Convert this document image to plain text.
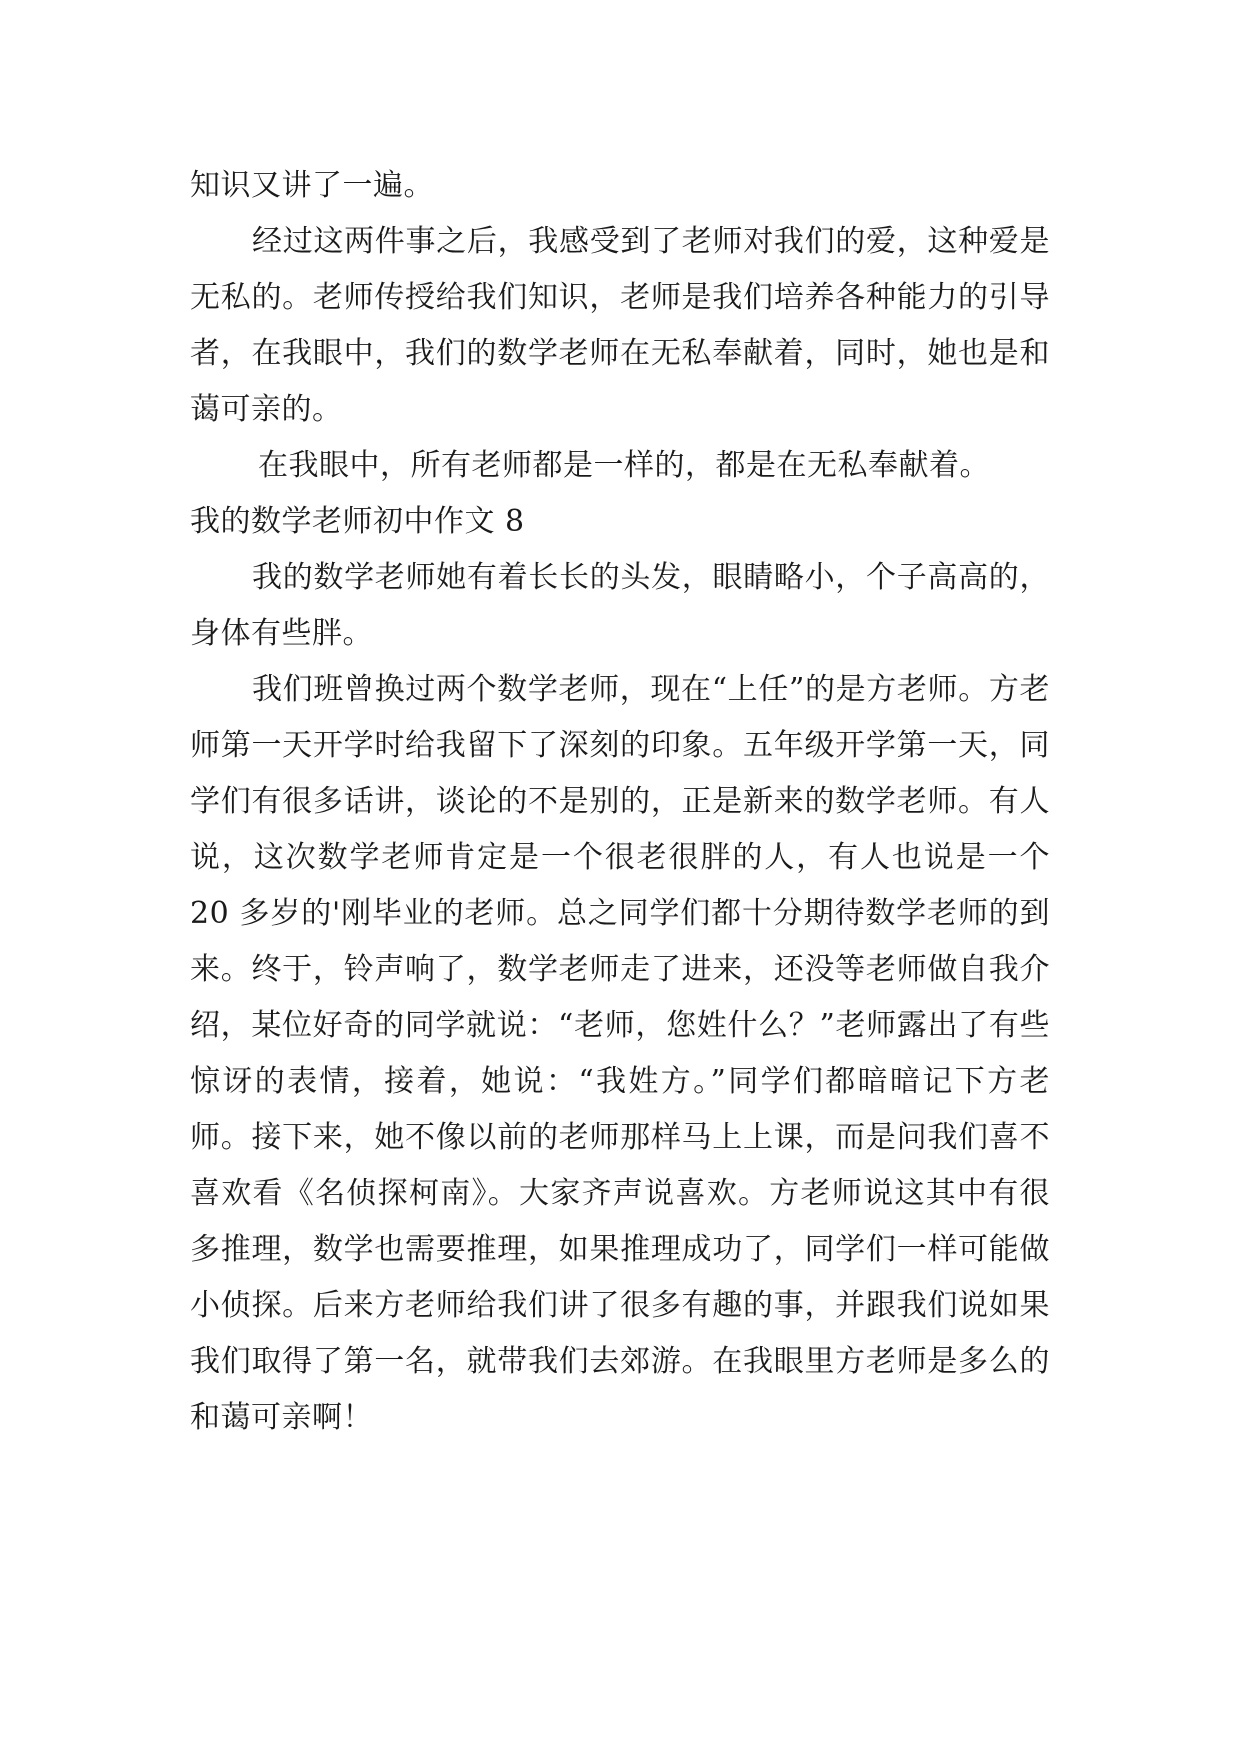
知识又讲了一遍。

经过这两件事之后，我感受到了老师对我们的爱，这种爱是无私的。老师传授给我们知识，老师是我们培养各种能力的引导者，在我眼中，我们的数学老师在无私奉献着，同时，她也是和蔼可亲的。

在我眼中，所有老师都是一样的，都是在无私奉献着。

我的数学老师初中作文 8

我的数学老师她有着长长的头发，眼睛略小，个子高高的，身体有些胖。

我们班曾换过两个数学老师，现在“上任”的是方老师。方老师第一天开学时给我留下了深刻的印象。五年级开学第一天，同学们有很多话讲，谈论的不是别的，正是新来的数学老师。有人说，这次数学老师肯定是一个很老很胖的人，有人也说是一个 20 多岁的'刚毕业的老师。总之同学们都十分期待数学老师的到来。终于，铃声响了，数学老师走了进来，还没等老师做自我介绍，某位好奇的同学就说：“老师，您姓什么？”老师露出了有些惊讶的表情，接着，她说：“我姓方。”同学们都暗暗记下方老师。接下来，她不像以前的老师那样马上上课，而是问我们喜不喜欢看《名侦探柯南》。大家齐声说喜欢。方老师说这其中有很多推理，数学也需要推理，如果推理成功了，同学们一样可能做小侦探。后来方老师给我们讲了很多有趣的事，并跟我们说如果我们取得了第一名，就带我们去郊游。在我眼里方老师是多么的和蔼可亲啊！
